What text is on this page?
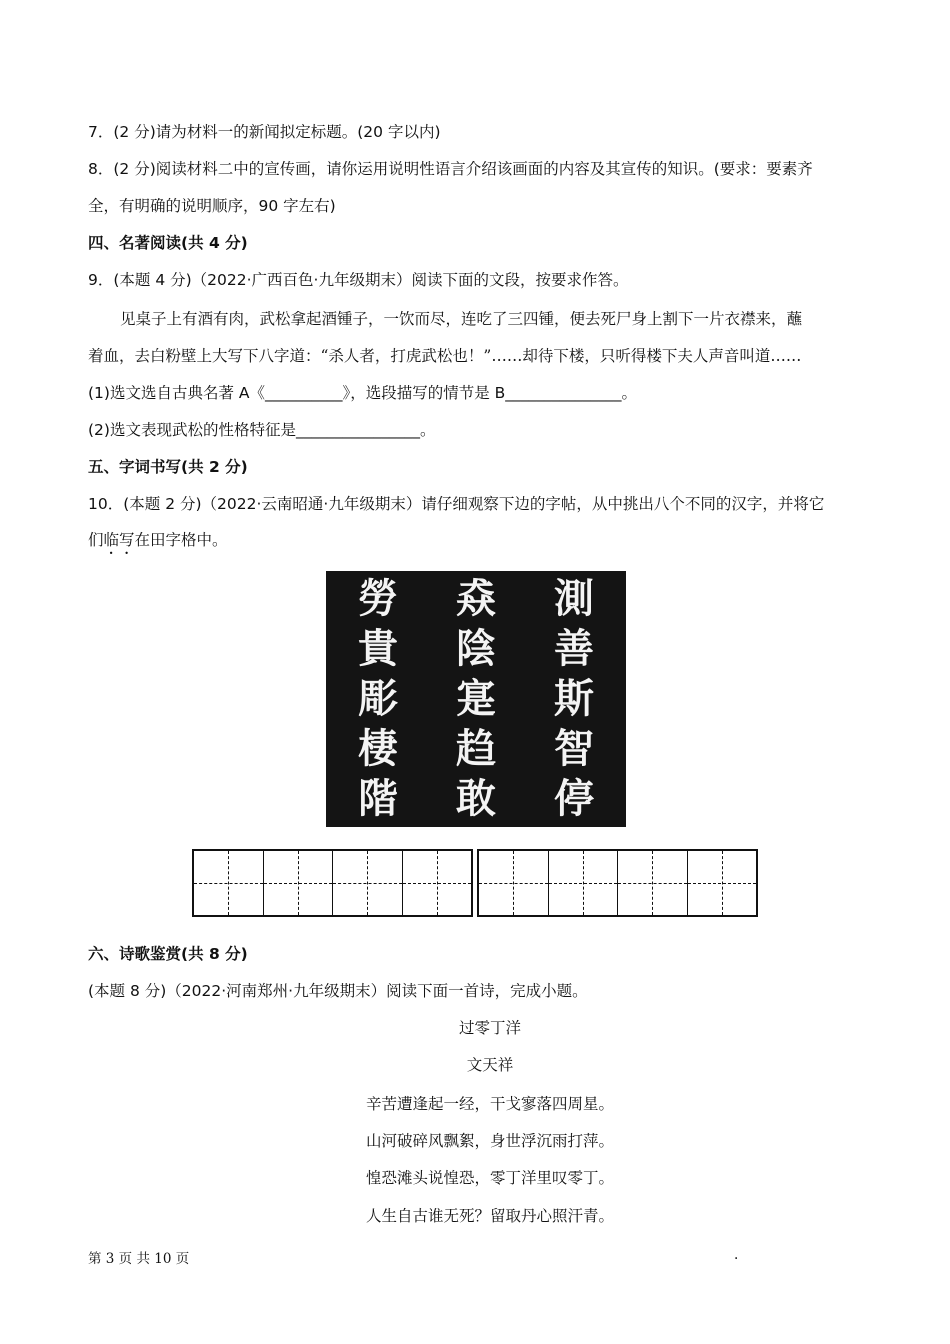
7．(2 分)请为材料一的新闻拟定标题。(20 字以内)
8．(2 分)阅读材料二中的宣传画，请你运用说明性语言介绍该画面的内容及其宣传的知识。(要求：要素齐
全，有明确的说明顺序，90 字左右)
四、名著阅读(共 4 分)
9．(本题 4 分)（2022·广西百色·九年级期末）阅读下面的文段，按要求作答。
见桌子上有酒有肉，武松拿起酒锺子，一饮而尽，连吃了三四锺，便去死尸身上割下一片衣襟来，蘸
着血，去白粉壁上大写下八字道：“杀人者，打虎武松也！”……却待下楼，只听得楼下夫人声音叫道……
(1)选文选自古典名著 A《__________》，选段描写的情节是 B_______________。
(2)选文表现武松的性格特征是________________。
五、字词书写(共 2 分)
10．(本题 2 分)（2022·云南昭通·九年级期末）请仔细观察下边的字帖，从中挑出八个不同的汉字，并将它
们临写在田字格中。
勞
貴
彫
棲
階
猋
陰
寔
趋
敢
測
善
斯
智
停
六、诗歌鉴赏(共 8 分)
(本题 8 分)（2022·河南郑州·九年级期末）阅读下面一首诗，完成小题。
过零丁洋
文天祥
辛苦遭逢起一经，干戈寥落四周星。
山河破碎风飘絮，身世浮沉雨打萍。
惶恐滩头说惶恐，零丁洋里叹零丁。
人生自古谁无死？留取丹心照汗青。
第 3 页 共 10 页	.
